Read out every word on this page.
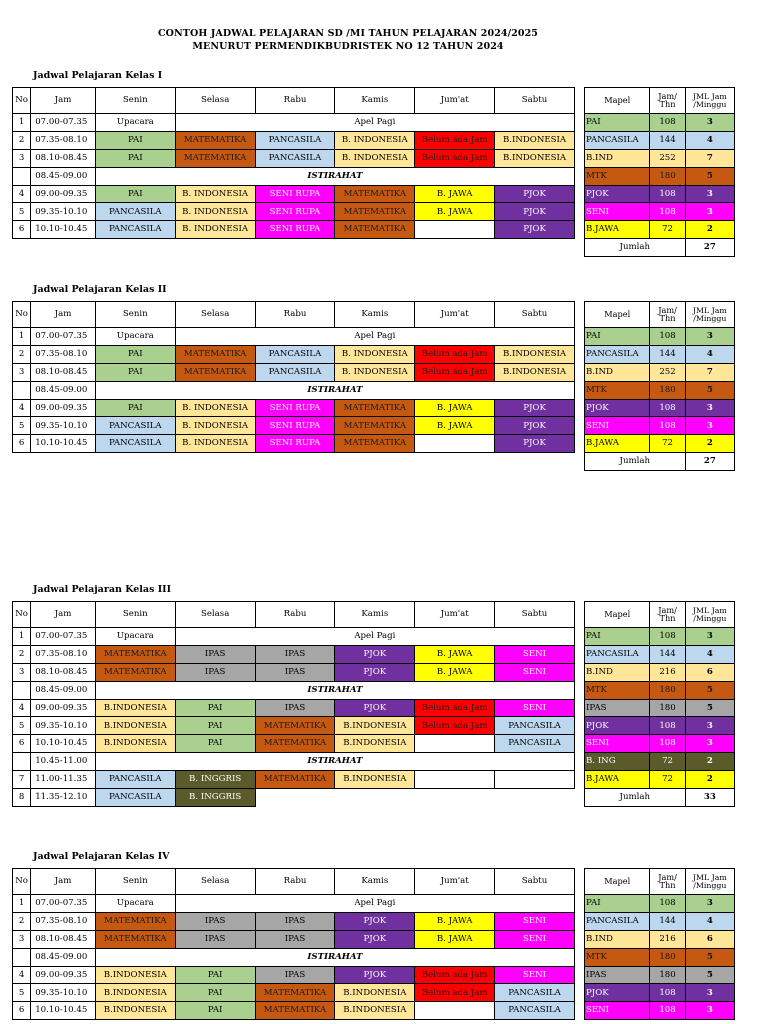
CONTOH JADWAL PELAJARAN SD /MI TAHUN PELAJARAN 2024/2025
MENURUT PERMENDIKBUDRISTEK NO 12 TAHUN 2024
Jadwal Pelajaran Kelas I
No	Jam	Senin	Selasa	Rabu	Kamis	Jum'at	Sabtu
1	07.00-07.35	Upacara	Apel Pagi				
2	07.35-08.10	PAI	MATEMATIKA	PANCASILA	B. INDONESIA	Belum ada Jam	B.INDONESIA
3	08.10-08.45	PAI	MATEMATIKA	PANCASILA	B. INDONESIA	Belum ada Jam	B.INDONESIA
	08.45-09.00	ISTIRAHAT					
4	09.00-09.35	PAI	B. INDONESIA	SENI RUPA	MATEMATIKA	B. JAWA	PJOK
5	09.35-10.10	PANCASILA	B. INDONESIA	SENI RUPA	MATEMATIKA	B. JAWA	PJOK
6	10.10-10.45	PANCASILA	B. INDONESIA	SENI RUPA	MATEMATIKA		PJOK
Mapel	Jam/ Thn	JML Jam /Minggu
PAI	108	3
PANCASILA	144	4
B.IND	252	7
MTK	180	5
PJOK	108	3
SENI	108	3
B.JAWA	72	2
Jumlah		27
Jadwal Pelajaran Kelas II
No	Jam	Senin	Selasa	Rabu	Kamis	Jum'at	Sabtu
1	07.00-07.35	Upacara	Apel Pagi				
2	07.35-08.10	PAI	MATEMATIKA	PANCASILA	B. INDONESIA	Belum ada Jam	B.INDONESIA
3	08.10-08.45	PAI	MATEMATIKA	PANCASILA	B. INDONESIA	Belum ada Jam	B.INDONESIA
	08.45-09.00	ISTIRAHAT					
4	09.00-09.35	PAI	B. INDONESIA	SENI RUPA	MATEMATIKA	B. JAWA	PJOK
5	09.35-10.10	PANCASILA	B. INDONESIA	SENI RUPA	MATEMATIKA	B. JAWA	PJOK
6	10.10-10.45	PANCASILA	B. INDONESIA	SENI RUPA	MATEMATIKA		PJOK
Mapel	Jam/ Thn	JML Jam /Minggu
PAI	108	3
PANCASILA	144	4
B.IND	252	7
MTK	180	5
PJOK	108	3
SENI	108	3
B.JAWA	72	2
Jumlah		27
Jadwal Pelajaran Kelas III
No	Jam	Senin	Selasa	Rabu	Kamis	Jum'at	Sabtu
1	07.00-07.35	Upacara	Apel Pagi				
2	07.35-08.10	MATEMATIKA	IPAS	IPAS	PJOK	B. JAWA	SENI
3	08.10-08.45	MATEMATIKA	IPAS	IPAS	PJOK	B. JAWA	SENI
	08.45-09.00	ISTIRAHAT					
4	09.00-09.35	B.INDONESIA	PAI	IPAS	PJOK	Belum ada Jam	SENI
5	09.35-10.10	B.INDONESIA	PAI	MATEMATIKA	B.INDONESIA	Belum ada Jam	PANCASILA
6	10.10-10.45	B.INDONESIA	PAI	MATEMATIKA	B.INDONESIA		PANCASILA
	10.45-11.00	ISTIRAHAT					
7	11.00-11.35	PANCASILA	B. INGGRIS	MATEMATIKA	B.INDONESIA		
8	11.35-12.10	PANCASILA	B. INGGRIS				
Mapel	Jam/ Thn	JML Jam /Minggu
PAI	108	3
PANCASILA	144	4
B.IND	216	6
MTK	180	5
IPAS	180	5
PJOK	108	3
SENI	108	3
B. ING	72	2
B.JAWA	72	2
Jumlah		33
Jadwal Pelajaran Kelas IV
No	Jam	Senin	Selasa	Rabu	Kamis	Jum'at	Sabtu
1	07.00-07.35	Upacara	Apel Pagi				
2	07.35-08.10	MATEMATIKA	IPAS	IPAS	PJOK	B. JAWA	SENI
3	08.10-08.45	MATEMATIKA	IPAS	IPAS	PJOK	B. JAWA	SENI
	08.45-09.00	ISTIRAHAT					
4	09.00-09.35	B.INDONESIA	PAI	IPAS	PJOK	Belum ada Jam	SENI
5	09.35-10.10	B.INDONESIA	PAI	MATEMATIKA	B.INDONESIA	Belum ada Jam	PANCASILA
6	10.10-10.45	B.INDONESIA	PAI	MATEMATIKA	B.INDONESIA		PANCASILA
Mapel	Jam/ Thn	JML Jam /Minggu
PAI	108	3
PANCASILA	144	4
B.IND	216	6
MTK	180	5
IPAS	180	5
PJOK	108	3
SENI	108	3
